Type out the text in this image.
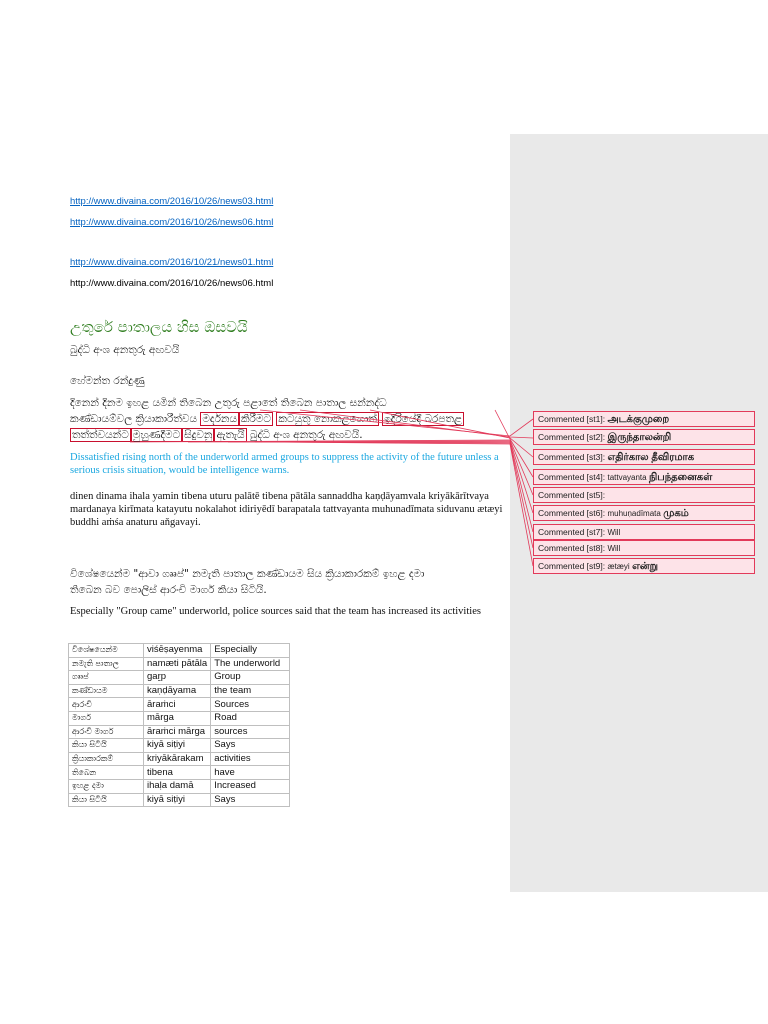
http://www.divaina.com/2016/10/26/news03.html
http://www.divaina.com/2016/10/26/news06.html
http://www.divaina.com/2016/10/21/news01.html
http://www.divaina.com/2016/10/26/news06.html
උතුරේ පාතාලය හිස ඔසවයි
බුද්ධි අංශ අනතුරු අඟවයි
හේමන්ත රන්දුණු
දිනෙන් දිනම ඉහළ යමින් තිබෙන උතුරු පළාතේ තිබෙන පාතාල සන්නද්ධ
කණ්ඩායම්වල ක්‍රියාකාරීත්වය මර්දනය කිරීමට කටයුතු නොකළහොත් ඉදිරියේදී බරපතළ
තත්ත්වයන්ට මුහුණදීමට සිදුවනු ඇතැයි බුද්ධි අංශ අනතුරු අඟවයි.
Dissatisfied rising north of the underworld armed groups to suppress the activity of the future unless a serious crisis situation, would be intelligence warns.
dinen dinama ihala yamin tibena uturu palātē tibena pātāla sannaddha kaṇḍāyamvala kriyākārītvaya mardanaya kirīmata katayutu nokalahot idiriyēdī barapatala tattvayanta muhunadīmata siduvanu ætæyi buddhi aṁśa anaturu aňgavayi.
විශේෂයෙන්ම "ආවා ගෲප්" නමැති පාතාල කණ්ඩායම සිය ක්‍රියාකාරකම් ඉහළ දමා
තිබෙන බව පොලිස් ආරංචි මාර්ග කියා සිටියි.
Especially "Group came" underworld, police sources said that the team has increased its activities
විශේෂයෙන්ම	viśēṣayenma	Especially
නමැති පාතාල	namæti pātāla	The underworld
ගෲප්	gaṟp	Group
කණ්ඩායම	kaṇḍāyama	the team
ආරංචි	āraṁci	Sources
මාර්ග	mārga	Road
ආරංචි මාර්ග	āraṁci mārga	sources
කියා සිටියි	kiyā siṭiyi	Says
ක්‍රියාකාරකම්	kriyākārakam	activities
තිබෙන	tibena	have
ඉහළ දමා	ihaḷa damā	Increased
කියා සිටියි	kiyā siṭiyi	Says
Commented [st1]: அடக்குமுறை
Commented [st2]: இருந்தாலன்றி
Commented [st3]: எதிர்கால தீவிரமாக
Commented [st4]: tattvayanta நிபந்தனைகள்
Commented [st5]:
Commented [st6]: muhuṇadīmata முகம்
Commented [st7]: Will
Commented [st8]: Will
Commented [st9]: ætæyi என்று
